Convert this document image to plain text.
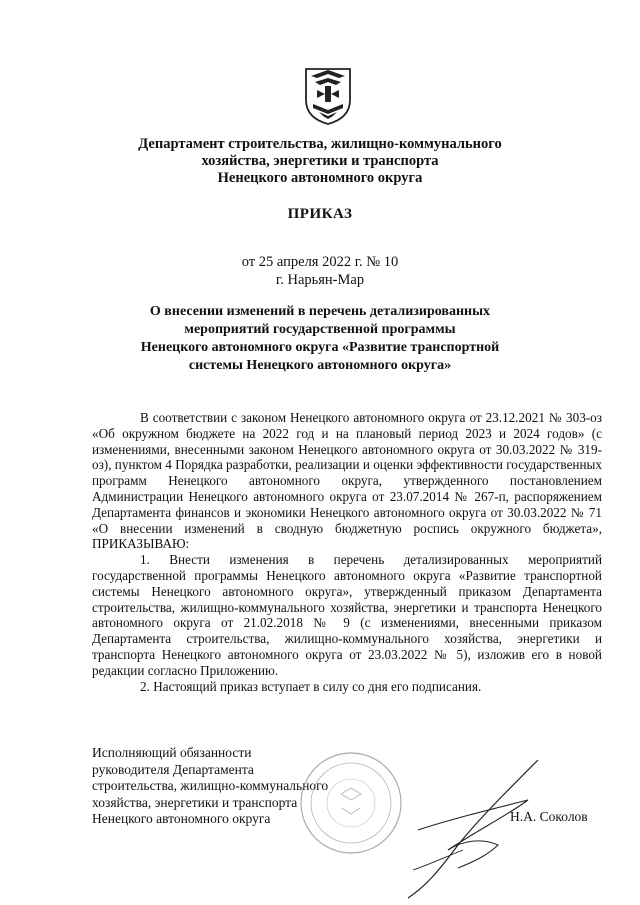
Департамент строительства, жилищно-коммунального
хозяйства, энергетики и транспорта
Ненецкого автономного округа
ПРИКАЗ
от 25 апреля 2022 г. № 10
г. Нарьян-Мар
О внесении изменений в перечень детализированных
мероприятий государственной программы
Ненецкого автономного округа «Развитие транспортной
системы Ненецкого автономного округа»

В соответствии с законом Ненецкого автономного округа от 23.12.2021 № 303-оз «Об окружном бюджете на 2022 год и на плановый период 2023 и 2024 годов» (с изменениями, внесенными законом Ненецкого автономного округа от 30.03.2022 № 319-оз), пунктом 4 Порядка разработки, реализации и оценки эффективности государственных программ Ненецкого автономного округа, утвержденного постановлением Администрации Ненецкого автономного округа от 23.07.2014 № 267-п, распоряжением Департамента финансов и экономики Ненецкого автономного округа от 30.03.2022 № 71 «О внесении изменений в сводную бюджетную роспись окружного бюджета», ПРИКАЗЫВАЮ:

1. Внести изменения в перечень детализированных мероприятий государственной программы Ненецкого автономного округа «Развитие транспортной системы Ненецкого автономного округа», утвержденный приказом Департамента строительства, жилищно-коммунального хозяйства, энергетики и транспорта Ненецкого автономного округа от 21.02.2018 № 9 (с изменениями, внесенными приказом Департамента строительства, жилищно-коммунального хозяйства, энергетики и транспорта Ненецкого автономного округа от 23.03.2022 № 5), изложив его в новой редакции согласно Приложению.

2. Настоящий приказ вступает в силу со дня его подписания.

Исполняющий обязанности
руководителя Департамента
строительства, жилищно-коммунального
хозяйства, энергетики и транспорта
Ненецкого автономного округа	Н.А. Соколов
